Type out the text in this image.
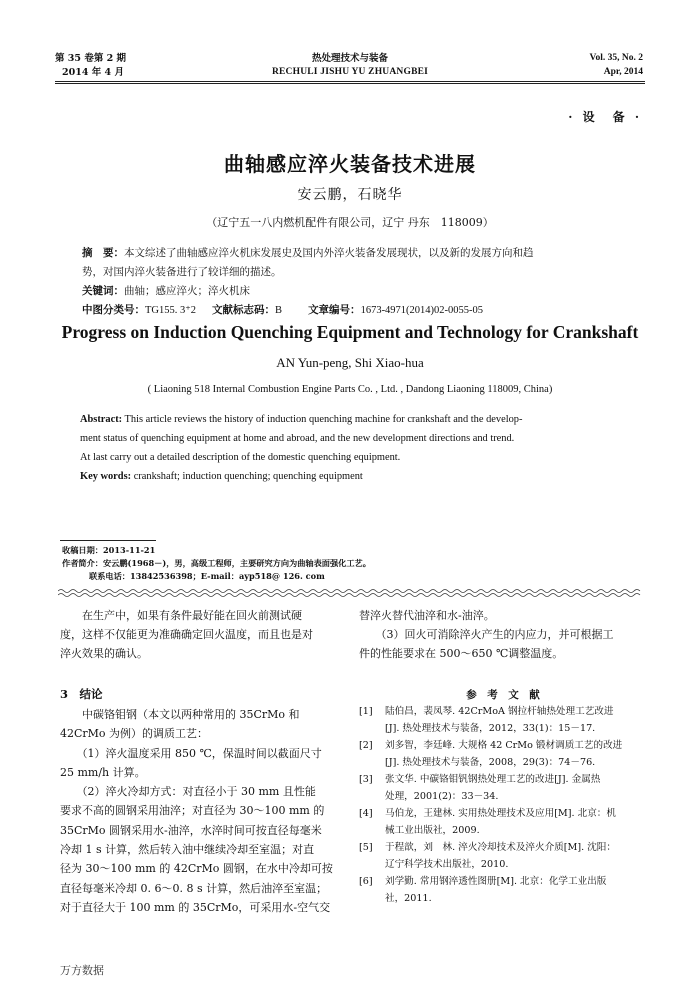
第 35 卷第 2 期
2014 年 4 月
热处理技术与装备
RECHULI JISHU YU ZHUANGBEI
Vol. 35, No. 2
Apr, 2014
· 设　备 ·
曲轴感应淬火装备技术进展
安云鹏，石晓华
（辽宁五一八内燃机配件有限公司，辽宁 丹东　118009）
摘　要：本文综述了曲轴感应淬火机床发展史及国内外淬火装备发展现状，以及新的发展方向和趋
势，对国内淬火装备进行了较详细的描述。
关键词：曲轴；感应淬火；淬火机床
中图分类号：TG155. 3⁺2 文献标志码：B 文章编号：1673-4971(2014)02-0055-05
Progress on Induction Quenching Equipment and Technology for Crankshaft
AN Yun-peng, Shi Xiao-hua
( Liaoning 518 Internal Combustion Engine Parts Co. , Ltd. , Dandong Liaoning 118009, China)
Abstract: This article reviews the history of induction quenching machine for crankshaft and the develop-
ment status of quenching equipment at home and abroad, and the new development directions and trend.
At last carry out a detailed description of the domestic quenching equipment.
Key words: crankshaft; induction quenching; quenching equipment
收稿日期：2013-11-21
作者简介：安云鹏(1968－)，男，高级工程师，主要研究方向为曲轴表面强化工艺。
联系电话：13842536398；E-mail：ayp518@ 126. com
　　在生产中，如果有条件最好能在回火前测试硬
度，这样不仅能更为准确确定回火温度，而且也是对
淬火效果的确认。
替淬火替代油淬和水-油淬。
　　（3）回火可消除淬火产生的内应力，并可根据工
件的性能要求在 500～650 ℃调整温度。
3　结论
　　中碳铬钼钢（本文以两种常用的 35CrMo 和
42CrMo 为例）的调质工艺：
　　（1）淬火温度采用 850 ℃，保温时间以截面尺寸
25 mm/h 计算。
　　（2）淬火冷却方式：对直径小于 30 mm 且性能
要求不高的圆钢采用油淬；对直径为 30～100 mm 的
35CrMo 圆钢采用水-油淬，水淬时间可按直径每毫米
冷却 1 s 计算，然后转入油中继续冷却至室温；对直
径为 30～100 mm 的 42CrMo 圆钢，在水中冷却可按
直径每毫米冷却 0. 6～0. 8 s 计算，然后油淬至室温；
对于直径大于 100 mm 的 35CrMo，可采用水-空气交
参　考　文　献
[1]	陆伯昌，裴凤琴. 42CrMoA 钢拉杆轴热处理工艺改进
[J]. 热处理技术与装备，2012，33(1)：15－17.
[2]	刘多智，李廷峰. 大规格 42 CrMo 锻材调质工艺的改进
[J]. 热处理技术与装备，2008，29(3)：74－76.
[3]	张文华. 中碳铬钼钒钢热处理工艺的改进[J]. 金属热
处理，2001(2)：33－34.
[4]	马伯龙，王建林. 实用热处理技术及应用[M]. 北京：机
械工业出版社，2009.
[5]	于程歆，刘　林. 淬火冷却技术及淬火介质[M]. 沈阳：
辽宁科学技术出版社，2010.
[6]	刘学勤. 常用钢淬透性图册[M]. 北京：化学工业出版
社，2011.
万方数据
